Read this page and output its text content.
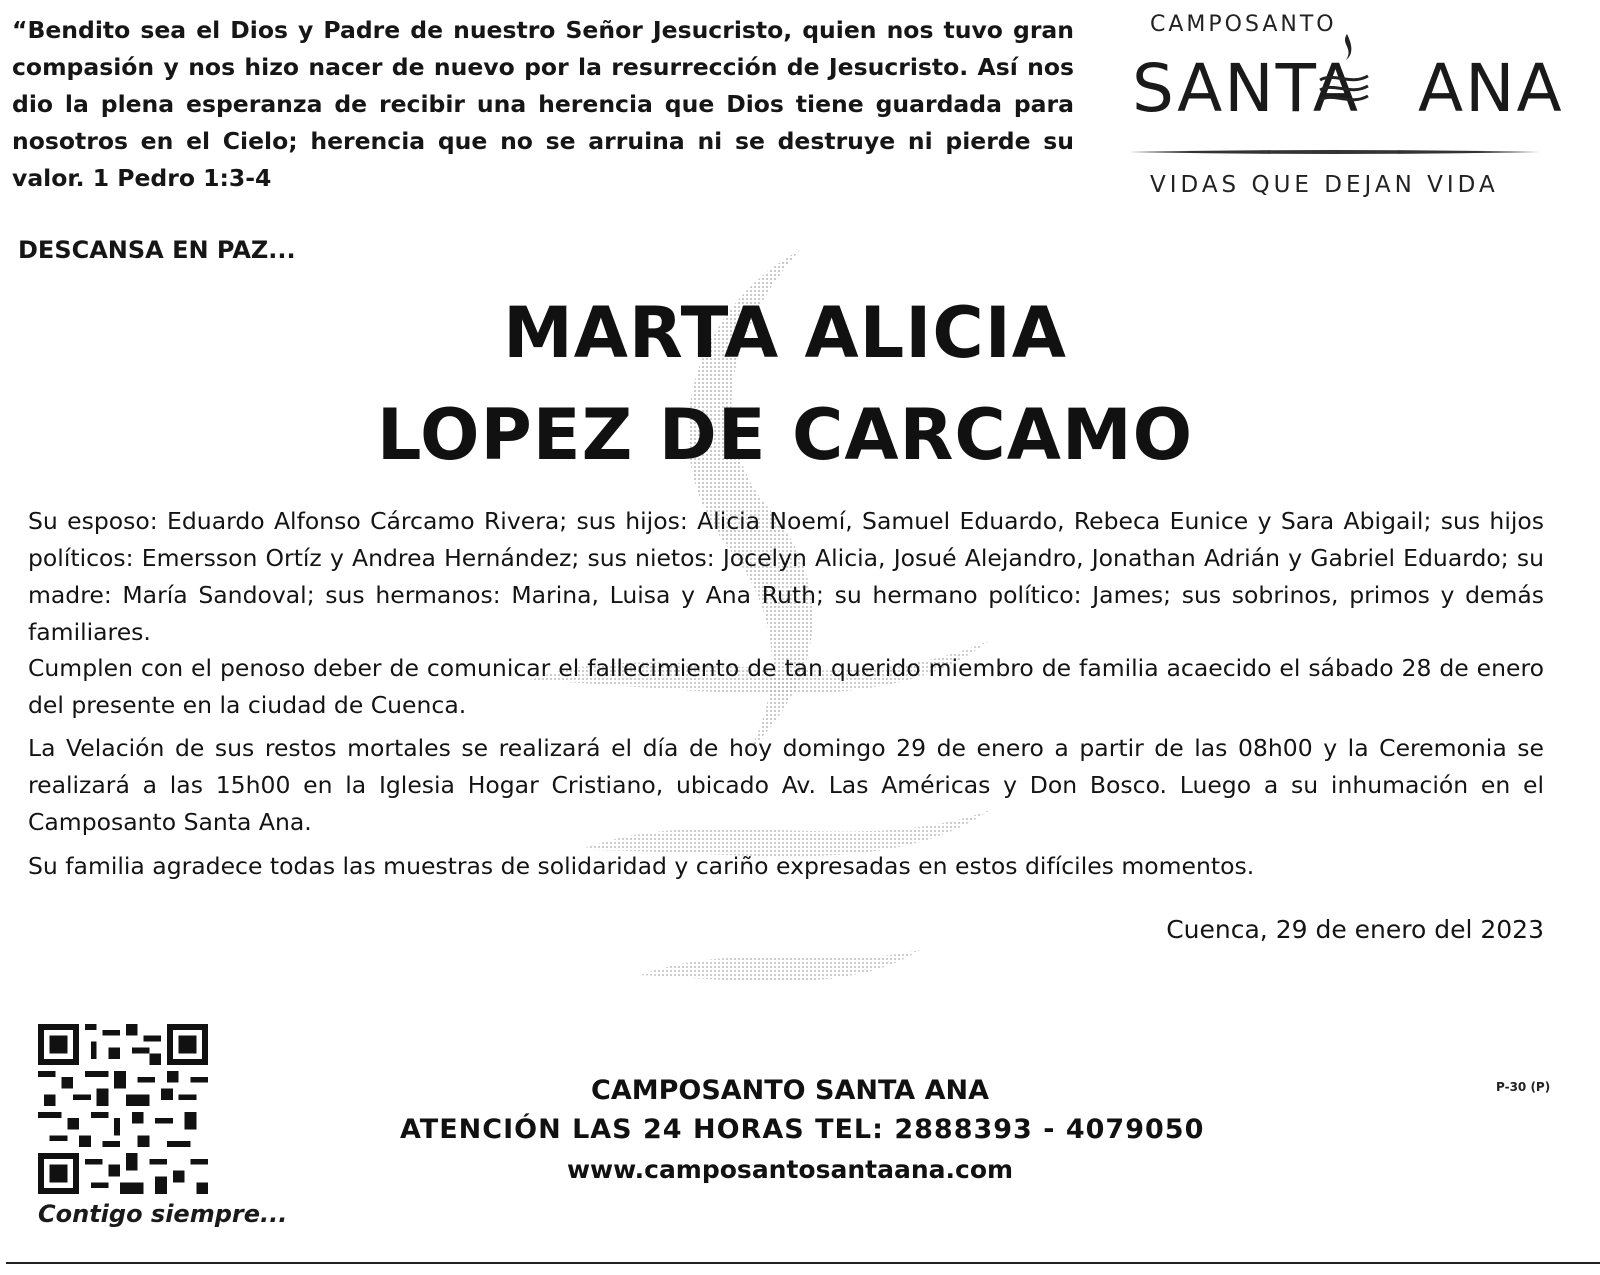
“Bendito sea el Dios y Padre de nuestro Señor Jesucristo, quien nos tuvo gran compasión y nos hizo nacer de nuevo por la resurrección de Jesucristo. Así nos dio la plena esperanza de recibir una herencia que Dios tiene guardada para nosotros en el Cielo; herencia que no se arruina ni se destruye ni pierde su valor. 1 Pedro 1:3-4
CAMPOSANTO
SANTA ANA
VIDAS QUE DEJAN VIDA
DESCANSA EN PAZ...
MARTA ALICIA
LOPEZ DE CARCAMO
Su esposo: Eduardo Alfonso Cárcamo Rivera; sus hijos: Alicia Noemí, Samuel Eduardo, Rebeca Eunice y Sara Abigail; sus hijos políticos: Emersson Ortíz y Andrea Hernández; sus nietos: Jocelyn Alicia, Josué Alejandro, Jonathan Adrián y Gabriel Eduardo; su madre: María Sandoval; sus hermanos: Marina, Luisa y Ana Ruth; su hermano político: James; sus sobrinos, primos y demás familiares.
Cumplen con el penoso deber de comunicar el fallecimiento de tan querido miembro de familia acaecido el sábado 28 de enero del presente en la ciudad de Cuenca.
La Velación de sus restos mortales se realizará el día de hoy domingo 29 de enero a partir de las 08h00 y la Ceremonia se realizará a las 15h00 en la Iglesia Hogar Cristiano, ubicado Av. Las Américas y Don Bosco. Luego a su inhumación en el Camposanto Santa Ana.
Su familia agradece todas las muestras de solidaridad y cariño expresadas en estos difíciles momentos.
Cuenca, 29 de enero del 2023
Contigo siempre...
CAMPOSANTO SANTA ANA
ATENCIÓN LAS 24 HORAS TEL: 2888393 - 4079050
www.camposantosantaana.com
P-30 (P)
